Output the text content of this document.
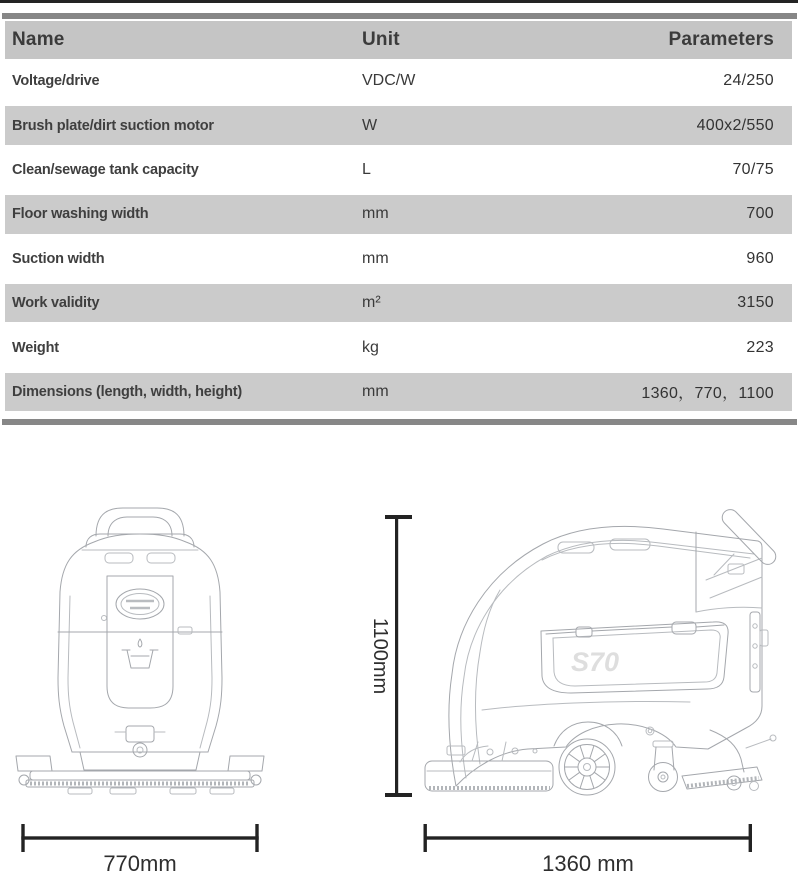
Name	Unit	Parameters
Voltage/drive	VDC/W	24/250
Brush plate/dirt suction motor	W	400x2/550
Clean/sewage tank capacity	L	70/75
Floor washing width	mm	700
Suction width	mm	960
Work validity	m²	3150
Weight	kg	223
Dimensions (length, width, height)	mm	1360，770，1100
770mm
1100mm	S70
1360 mm
